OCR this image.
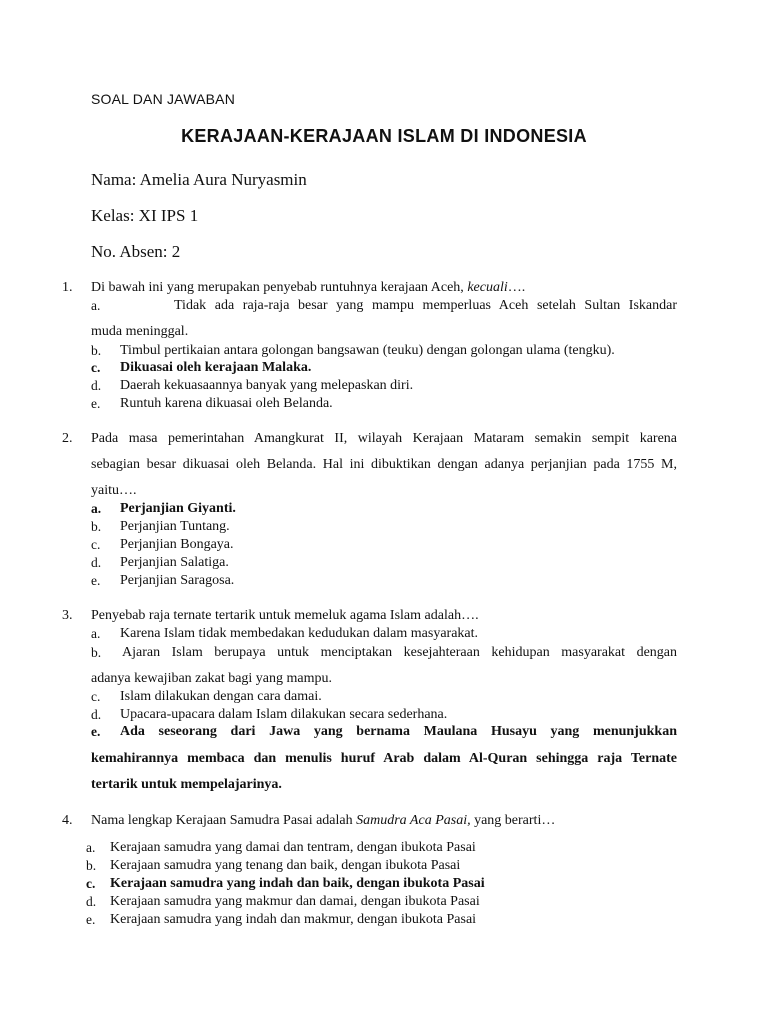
SOAL DAN JAWABAN
KERAJAAN-KERAJAAN ISLAM DI INDONESIA
Nama: Amelia Aura Nuryasmin
Kelas: XI IPS 1
No. Absen: 2
1. Di bawah ini yang merupakan penyebab runtuhnya kerajaan Aceh, kecuali….
a.	Tidak ada raja-raja besar yang mampu memperluas Aceh setelah Sultan Iskandar
muda meninggal.
b. Timbul pertikaian antara golongan bangsawan (teuku) dengan golongan ulama (tengku).
c. Dikuasai oleh kerajaan Malaka.
d. Daerah kekuasaannya banyak yang melepaskan diri.
e. Runtuh karena dikuasai oleh Belanda.
2. Pada masa pemerintahan Amangkurat II, wilayah Kerajaan Mataram semakin sempit karena
sebagian besar dikuasai oleh Belanda. Hal ini dibuktikan dengan adanya perjanjian pada 1755 M,
yaitu….
a. Perjanjian Giyanti.
b. Perjanjian Tuntang.
c. Perjanjian Bongaya.
d. Perjanjian Salatiga.
e. Perjanjian Saragosa.
3. Penyebab raja ternate tertarik untuk memeluk agama Islam adalah….
a. Karena Islam tidak membedakan kedudukan dalam masyarakat.
b. Ajaran Islam berupaya untuk menciptakan kesejahteraan kehidupan masyarakat dengan
adanya kewajiban zakat bagi yang mampu.
c. Islam dilakukan dengan cara damai.
d. Upacara-upacara dalam Islam dilakukan secara sederhana.
e. Ada seseorang dari Jawa yang bernama Maulana Husayu yang menunjukkan
kemahirannya membaca dan menulis huruf Arab dalam Al-Quran sehingga raja Ternate
tertarik untuk mempelajarinya.
4. Nama lengkap Kerajaan Samudra Pasai adalah Samudra Aca Pasai, yang berarti…
a. Kerajaan samudra yang damai dan tentram, dengan ibukota Pasai
b. Kerajaan samudra yang tenang dan baik, dengan ibukota Pasai
c. Kerajaan samudra yang indah dan baik, dengan ibukota Pasai
d. Kerajaan samudra yang makmur dan damai, dengan ibukota Pasai
e. Kerajaan samudra yang indah dan makmur, dengan ibukota Pasai
